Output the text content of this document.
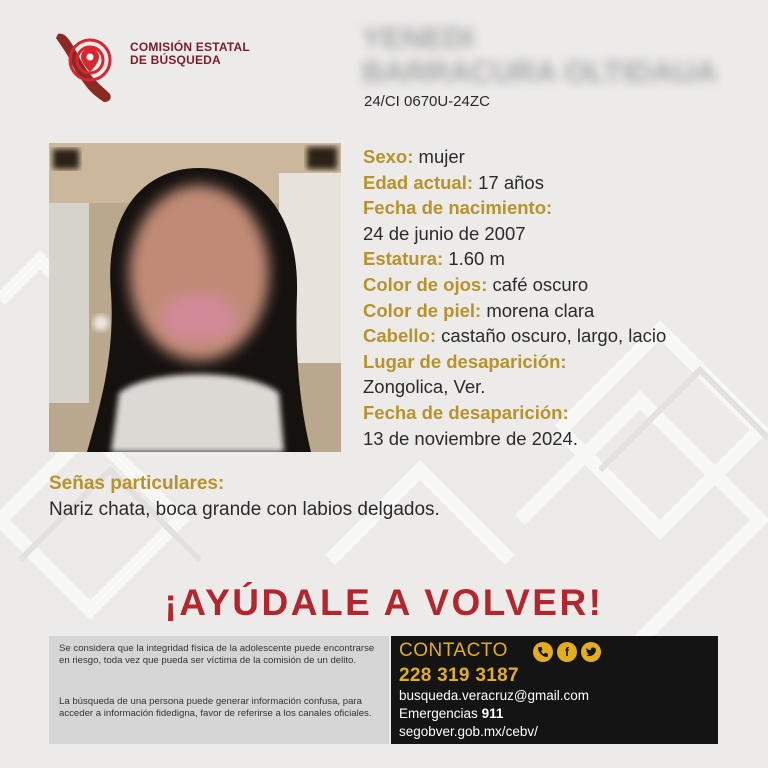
COMISIÓN ESTATAL
DE BÚSQUEDA
YENEDI
BARRACURA OLTIDAUA
24/CI 0670U-24ZC
Sexo: mujer
Edad actual: 17 años
Fecha de nacimiento:
24 de junio de 2007
Estatura: 1.60 m
Color de ojos: café oscuro
Color de piel: morena clara
Cabello: castaño oscuro, largo, lacio
Lugar de desaparición:
Zongolica, Ver.
Fecha de desaparición:
13 de noviembre de 2024.
Señas particulares:
Nariz chata, boca grande con labios delgados.
¡AYÚDALE A VOLVER!

Se considera que la integridad física de la adolescente puede encontrarse en riesgo, toda vez que pueda ser víctima de la comisión de un delito.

La búsqueda de una persona puede generar información confusa, para acceder a información fidedigna, favor de referirse a los canales oficiales.

CONTACTO	f
228 319 3187
busqueda.veracruz@gmail.com
Emergencias 911
segobver.gob.mx/cebv/
